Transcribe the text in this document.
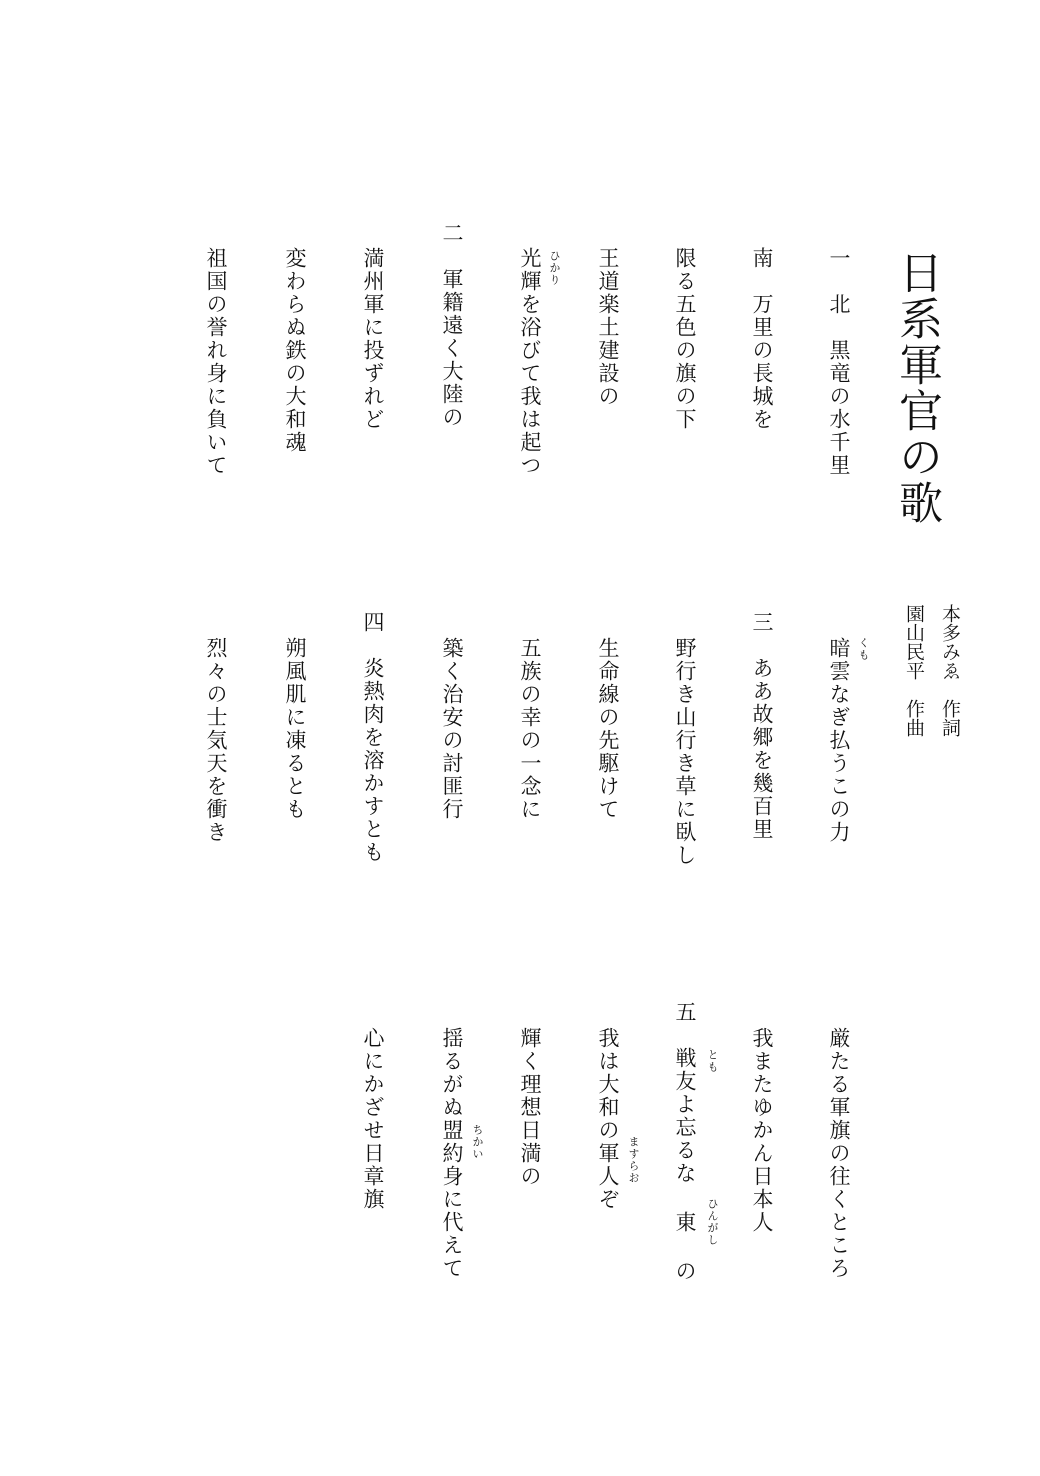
日系軍官の歌
本多みゑ　作詞
園山民平　作曲
一　北　黒竜の水千里
南　万里の長城を
限る五色の旗の下
王道楽土建設の
光輝を浴びて我は起つ
二　軍籍遠く大陸の
満州軍に投ずれど
変わらぬ鉄の大和魂
祖国の誉れ身に負いて
暗雲なぎ払うこの力
三　ああ故郷を幾百里
野行き山行き草に臥し
生命線の先駆けて
五族の幸の一念に
築く治安の討匪行
四　炎熱肉を溶かすとも
朔風肌に凍るとも
烈々の士気天を衝き
厳たる軍旗の往くところ
我またゆかん日本人
五　戦友よ忘るな 東 の
我は大和の軍人ぞ
輝く理想日満の
揺るがぬ盟約身に代えて
心にかざせ日章旗
ひかり
くも
とも
ひんがし
ますらお
ちかい
